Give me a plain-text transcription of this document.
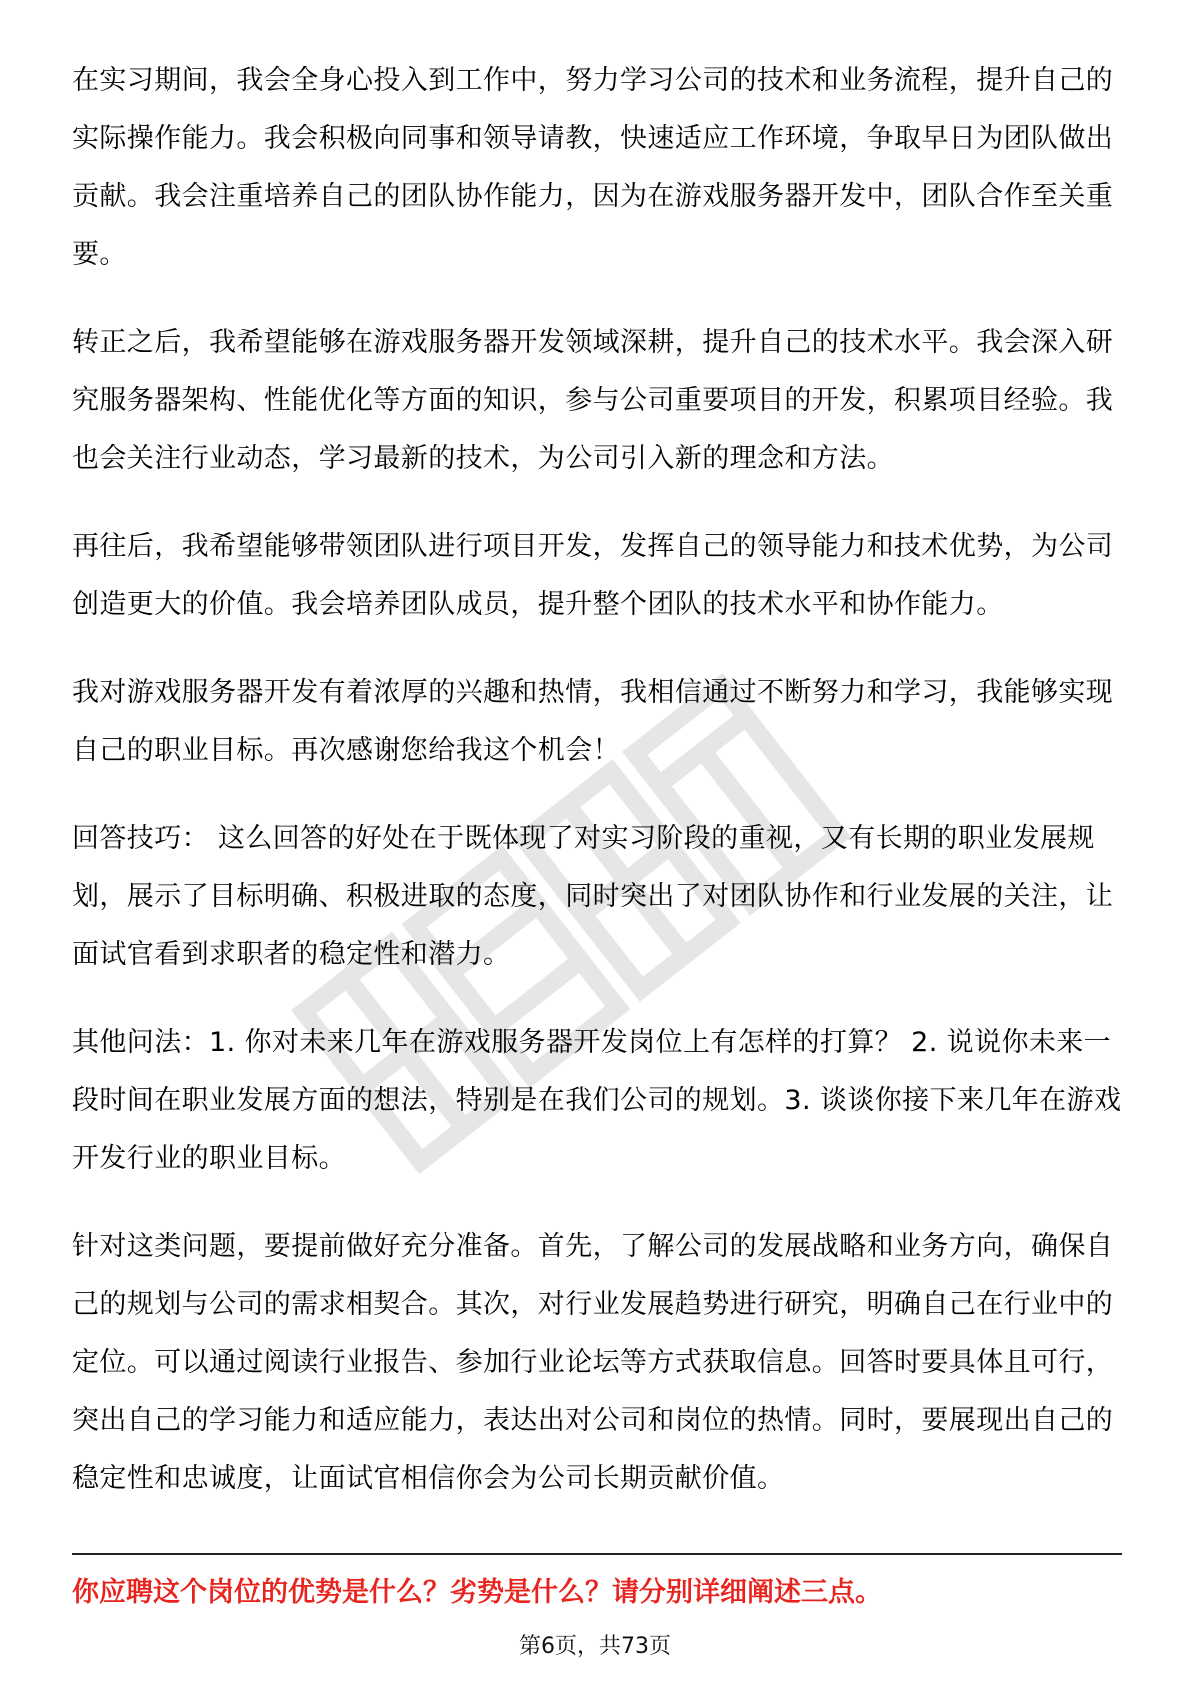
在实习期间，我会全身心投入到工作中，努力学习公司的技术和业务流程，提升自己的实际操作能力。我会积极向同事和领导请教，快速适应工作环境，争取早日为团队做出贡献。我会注重培养自己的团队协作能力，因为在游戏服务器开发中，团队合作至关重要。

转正之后，我希望能够在游戏服务器开发领域深耕，提升自己的技术水平。我会深入研究服务器架构、性能优化等方面的知识，参与公司重要项目的开发，积累项目经验。我也会关注行业动态，学习最新的技术，为公司引入新的理念和方法。

再往后，我希望能够带领团队进行项目开发，发挥自己的领导能力和技术优势，为公司创造更大的价值。我会培养团队成员，提升整个团队的技术水平和协作能力。

我对游戏服务器开发有着浓厚的兴趣和热情，我相信通过不断努力和学习，我能够实现自己的职业目标。再次感谢您给我这个机会！

回答技巧： 这么回答的好处在于既体现了对实习阶段的重视，又有长期的职业发展规划，展示了目标明确、积极进取的态度，同时突出了对团队协作和行业发展的关注，让面试官看到求职者的稳定性和潜力。

其他问法：1. 你对未来几年在游戏服务器开发岗位上有怎样的打算？ 2. 说说你未来一段时间在职业发展方面的想法，特别是在我们公司的规划。3. 谈谈你接下来几年在游戏开发行业的职业目标。

针对这类问题，要提前做好充分准备。首先，了解公司的发展战略和业务方向，确保自己的规划与公司的需求相契合。其次，对行业发展趋势进行研究，明确自己在行业中的定位。可以通过阅读行业报告、参加行业论坛等方式获取信息。回答时要具体且可行，突出自己的学习能力和适应能力，表达出对公司和岗位的热情。同时，要展现出自己的稳定性和忠诚度，让面试官相信你会为公司长期贡献价值。

你应聘这个岗位的优势是什么？劣势是什么？请分别详细阐述三点。
第6页，共73页
